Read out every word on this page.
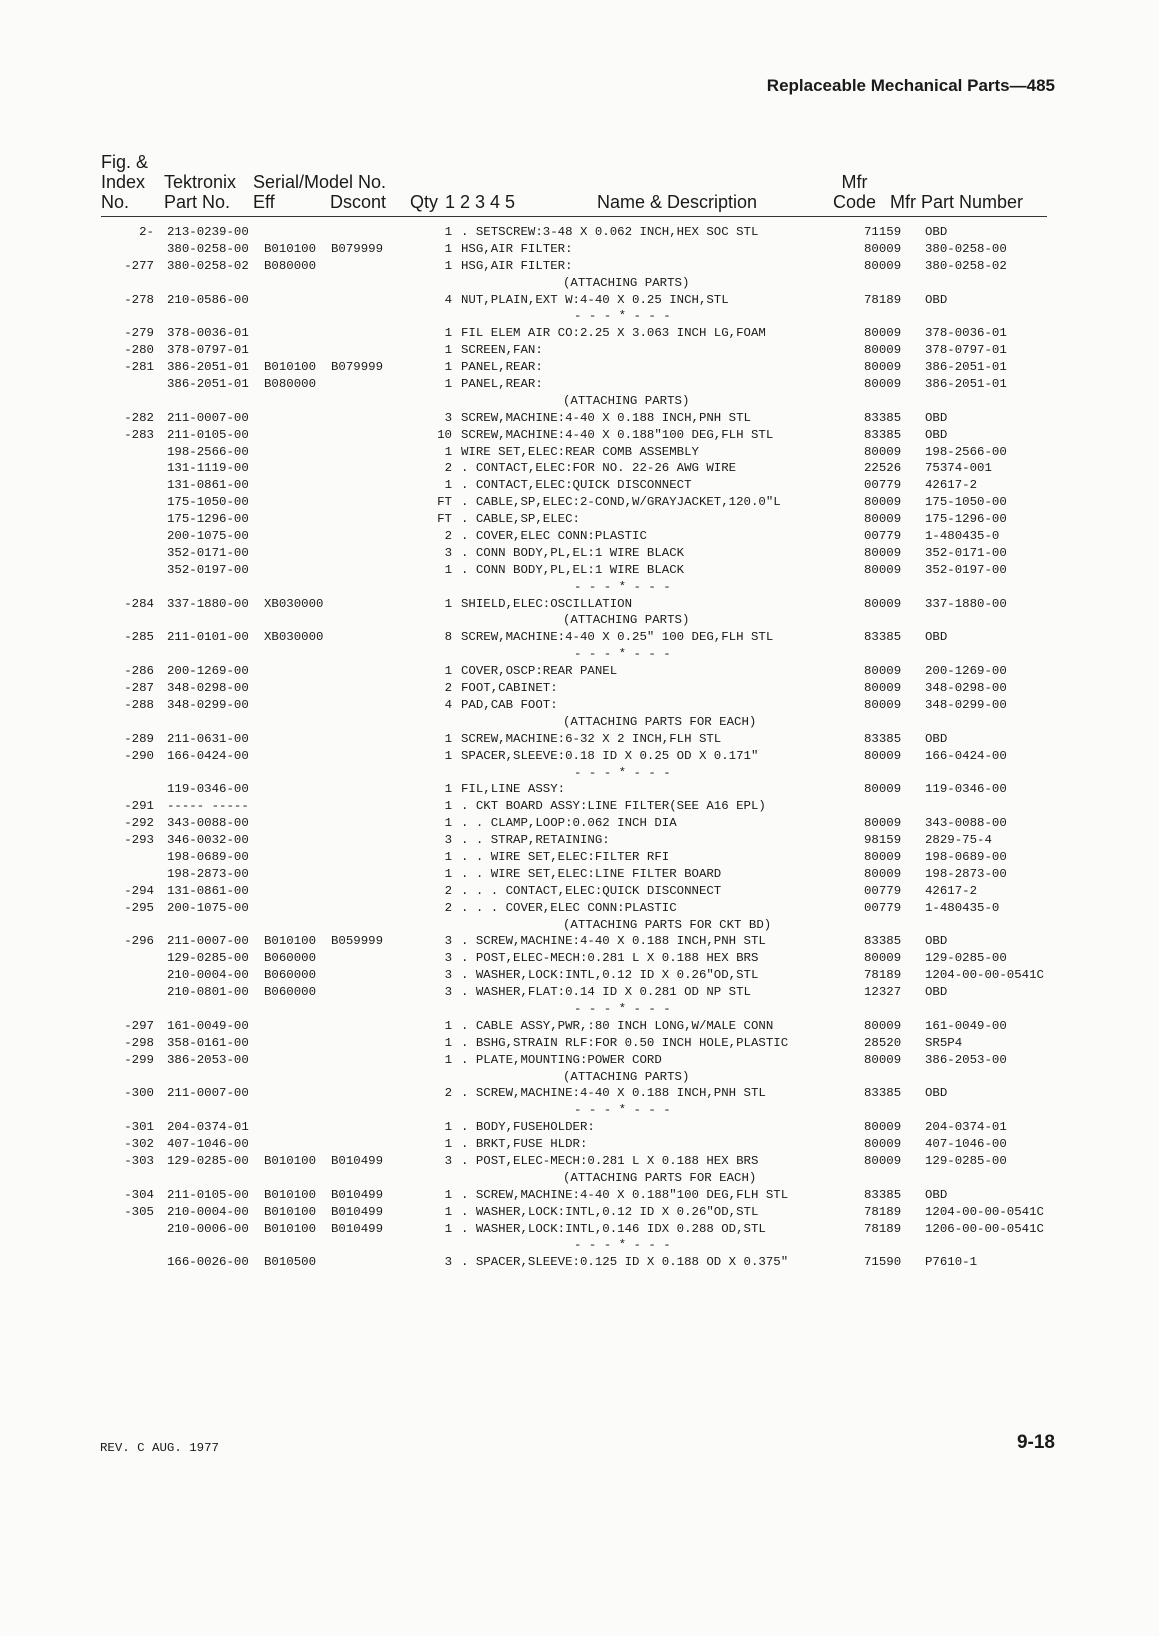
Replaceable Mechanical Parts—485
Fig. &
Index
No.
Tektronix
Part No.
Serial/Model No.
Eff	Dscont Qty 1 2 3 4 5	Name & Description
Mfr
Code Mfr Part Number
2- 213-0239-00	1 . SETSCREW:3-48 X 0.062 INCH,HEX SOC STL	71159 OBD
380-0258-00 B010100 B079999	1 HSG,AIR FILTER:	80009 380-0258-00
-277 380-0258-02 B080000	1 HSG,AIR FILTER:	80009 380-0258-02
(ATTACHING PARTS)
-278 210-0586-00	4 NUT,PLAIN,EXT W:4-40 X 0.25 INCH,STL	78189 OBD
- - - * - - -
-279 378-0036-01	1 FIL ELEM AIR CO:2.25 X 3.063 INCH LG,FOAM	80009 378-0036-01
-280 378-0797-01	1 SCREEN,FAN:	80009 378-0797-01
-281 386-2051-01 B010100 B079999	1 PANEL,REAR:	80009 386-2051-01
386-2051-01 B080000	1 PANEL,REAR:	80009 386-2051-01
(ATTACHING PARTS)
-282 211-0007-00	3 SCREW,MACHINE:4-40 X 0.188 INCH,PNH STL	83385 OBD
-283 211-0105-00	10 SCREW,MACHINE:4-40 X 0.188"100 DEG,FLH STL	83385 OBD
198-2566-00	1 WIRE SET,ELEC:REAR COMB ASSEMBLY	80009 198-2566-00
131-1119-00	2 . CONTACT,ELEC:FOR NO. 22-26 AWG WIRE	22526 75374-001
131-0861-00	1 . CONTACT,ELEC:QUICK DISCONNECT	00779 42617-2
175-1050-00	FT . CABLE,SP,ELEC:2-COND,W/GRAYJACKET,120.0"L	80009 175-1050-00
175-1296-00	FT . CABLE,SP,ELEC:	80009 175-1296-00
200-1075-00	2 . COVER,ELEC CONN:PLASTIC	00779 1-480435-0
352-0171-00	3 . CONN BODY,PL,EL:1 WIRE BLACK	80009 352-0171-00
352-0197-00	1 . CONN BODY,PL,EL:1 WIRE BLACK	80009 352-0197-00
- - - * - - -
-284 337-1880-00 XB030000	1 SHIELD,ELEC:OSCILLATION	80009 337-1880-00
(ATTACHING PARTS)
-285 211-0101-00 XB030000	8 SCREW,MACHINE:4-40 X 0.25" 100 DEG,FLH STL	83385 OBD
- - - * - - -
-286 200-1269-00	1 COVER,OSCP:REAR PANEL	80009 200-1269-00
-287 348-0298-00	2 FOOT,CABINET:	80009 348-0298-00
-288 348-0299-00	4 PAD,CAB FOOT:	80009 348-0299-00
(ATTACHING PARTS FOR EACH)
-289 211-0631-00	1 SCREW,MACHINE:6-32 X 2 INCH,FLH STL	83385 OBD
-290 166-0424-00	1 SPACER,SLEEVE:0.18 ID X 0.25 OD X 0.171"	80009 166-0424-00
- - - * - - -
119-0346-00	1 FIL,LINE ASSY:	80009 119-0346-00
-291 ----- -----	1 . CKT BOARD ASSY:LINE FILTER(SEE A16 EPL)
-292 343-0088-00	1 . . CLAMP,LOOP:0.062 INCH DIA	80009 343-0088-00
-293 346-0032-00	3 . . STRAP,RETAINING:	98159 2829-75-4
198-0689-00	1 . . WIRE SET,ELEC:FILTER RFI	80009 198-0689-00
198-2873-00	1 . . WIRE SET,ELEC:LINE FILTER BOARD	80009 198-2873-00
-294 131-0861-00	2 . . . CONTACT,ELEC:QUICK DISCONNECT	00779 42617-2
-295 200-1075-00	2 . . . COVER,ELEC CONN:PLASTIC	00779 1-480435-0
(ATTACHING PARTS FOR CKT BD)
-296 211-0007-00 B010100 B059999	3 . SCREW,MACHINE:4-40 X 0.188 INCH,PNH STL	83385 OBD
129-0285-00 B060000	3 . POST,ELEC-MECH:0.281 L X 0.188 HEX BRS	80009 129-0285-00
210-0004-00 B060000	3 . WASHER,LOCK:INTL,0.12 ID X 0.26"OD,STL	78189 1204-00-00-0541C
210-0801-00 B060000	3 . WASHER,FLAT:0.14 ID X 0.281 OD NP STL	12327 OBD
- - - * - - -
-297 161-0049-00	1 . CABLE ASSY,PWR,:80 INCH LONG,W/MALE CONN	80009 161-0049-00
-298 358-0161-00	1 . BSHG,STRAIN RLF:FOR 0.50 INCH HOLE,PLASTIC	28520 SR5P4
-299 386-2053-00	1 . PLATE,MOUNTING:POWER CORD	80009 386-2053-00
(ATTACHING PARTS)
-300 211-0007-00	2 . SCREW,MACHINE:4-40 X 0.188 INCH,PNH STL	83385 OBD
- - - * - - -
-301 204-0374-01	1 . BODY,FUSEHOLDER:	80009 204-0374-01
-302 407-1046-00	1 . BRKT,FUSE HLDR:	80009 407-1046-00
-303 129-0285-00 B010100 B010499	3 . POST,ELEC-MECH:0.281 L X 0.188 HEX BRS	80009 129-0285-00
(ATTACHING PARTS FOR EACH)
-304 211-0105-00 B010100 B010499	1 . SCREW,MACHINE:4-40 X 0.188"100 DEG,FLH STL	83385 OBD
-305 210-0004-00 B010100 B010499	1 . WASHER,LOCK:INTL,0.12 ID X 0.26"OD,STL	78189 1204-00-00-0541C
210-0006-00 B010100 B010499	1 . WASHER,LOCK:INTL,0.146 IDX 0.288 OD,STL	78189 1206-00-00-0541C
- - - * - - -
166-0026-00 B010500	3 . SPACER,SLEEVE:0.125 ID X 0.188 OD X 0.375"	71590 P7610-1
REV. C AUG. 1977	9-18
